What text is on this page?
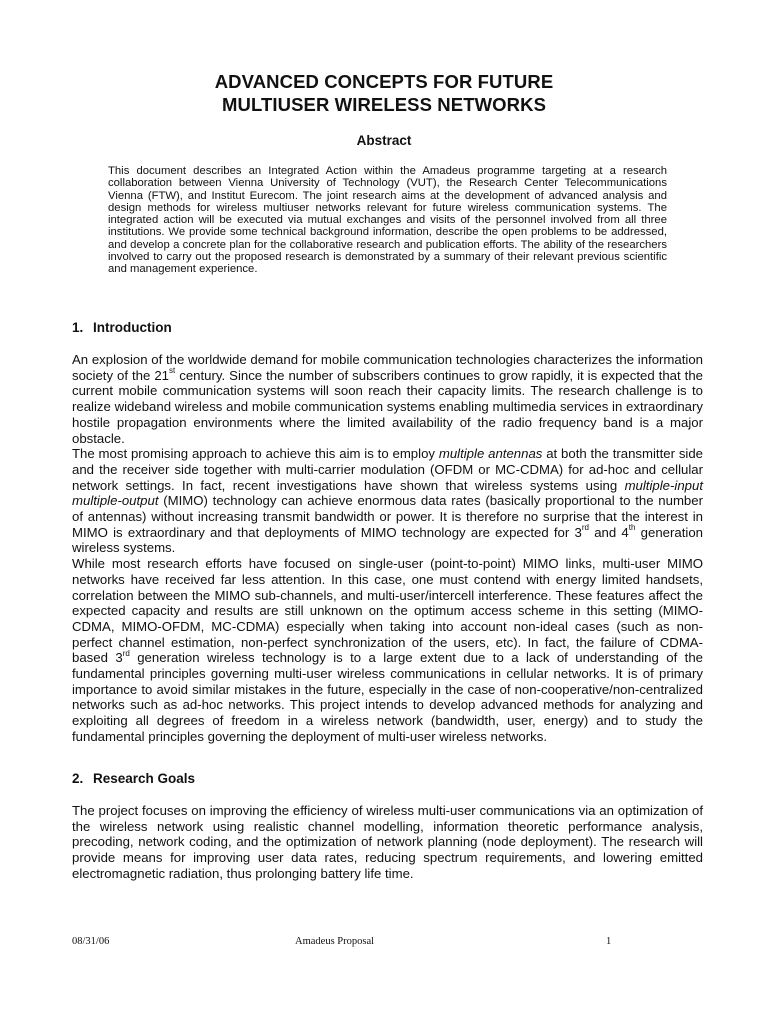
ADVANCED CONCEPTS FOR FUTURE
MULTIUSER WIRELESS NETWORKS
Abstract
This document describes an Integrated Action within the Amadeus programme targeting at a research collaboration between Vienna University of Technology (VUT), the Research Center Telecommunications Vienna (FTW), and Institut Eurecom. The joint research aims at the development of advanced analysis and design methods for wireless multiuser networks relevant for future wireless communication systems. The integrated action will be executed via mutual exchanges and visits of the personnel involved from all three institutions. We provide some technical background information, describe the open problems to be addressed, and develop a concrete plan for the collaborative research and publication efforts. The ability of the researchers involved to carry out the proposed research is demonstrated by a summary of their relevant previous scientific and management experience.
1. Introduction

An explosion of the worldwide demand for mobile communication technologies characterizes the information society of the 21st century. Since the number of subscribers continues to grow rapidly, it is expected that the current mobile communication systems will soon reach their capacity limits. The research challenge is to realize wideband wireless and mobile communication systems enabling multimedia services in extraordinary hostile propagation environments where the limited availability of the radio frequency band is a major obstacle.

The most promising approach to achieve this aim is to employ multiple antennas at both the transmitter side and the receiver side together with multi-carrier modulation (OFDM or MC-CDMA) for ad-hoc and cellular network settings. In fact, recent investigations have shown that wireless systems using multiple-input multiple-output (MIMO) technology can achieve enormous data rates (basically proportional to the number of antennas) without increasing transmit bandwidth or power. It is therefore no surprise that the interest in MIMO is extraordinary and that deployments of MIMO technology are expected for 3rd and 4th generation wireless systems.

While most research efforts have focused on single-user (point-to-point) MIMO links, multi-user MIMO networks have received far less attention. In this case, one must contend with energy limited handsets, correlation between the MIMO sub-channels, and multi-user/intercell interference. These features affect the expected capacity and results are still unknown on the optimum access scheme in this setting (MIMO-CDMA, MIMO-OFDM, MC-CDMA) especially when taking into account non-ideal cases (such as non-perfect channel estimation, non-perfect synchronization of the users, etc). In fact, the failure of CDMA-based 3rd generation wireless technology is to a large extent due to a lack of understanding of the fundamental principles governing multi-user wireless communications in cellular networks. It is of primary importance to avoid similar mistakes in the future, especially in the case of non-cooperative/non-centralized networks such as ad-hoc networks. This project intends to develop advanced methods for analyzing and exploiting all degrees of freedom in a wireless network (bandwidth, user, energy) and to study the fundamental principles governing the deployment of multi-user wireless networks.

2. Research Goals

The project focuses on improving the efficiency of wireless multi-user communications via an optimization of the wireless network using realistic channel modelling, information theoretic performance analysis, precoding, network coding, and the optimization of network planning (node deployment). The research will provide means for improving user data rates, reducing spectrum requirements, and lowering emitted electromagnetic radiation, thus prolonging battery life time.

08/31/06	Amadeus Proposal	1
